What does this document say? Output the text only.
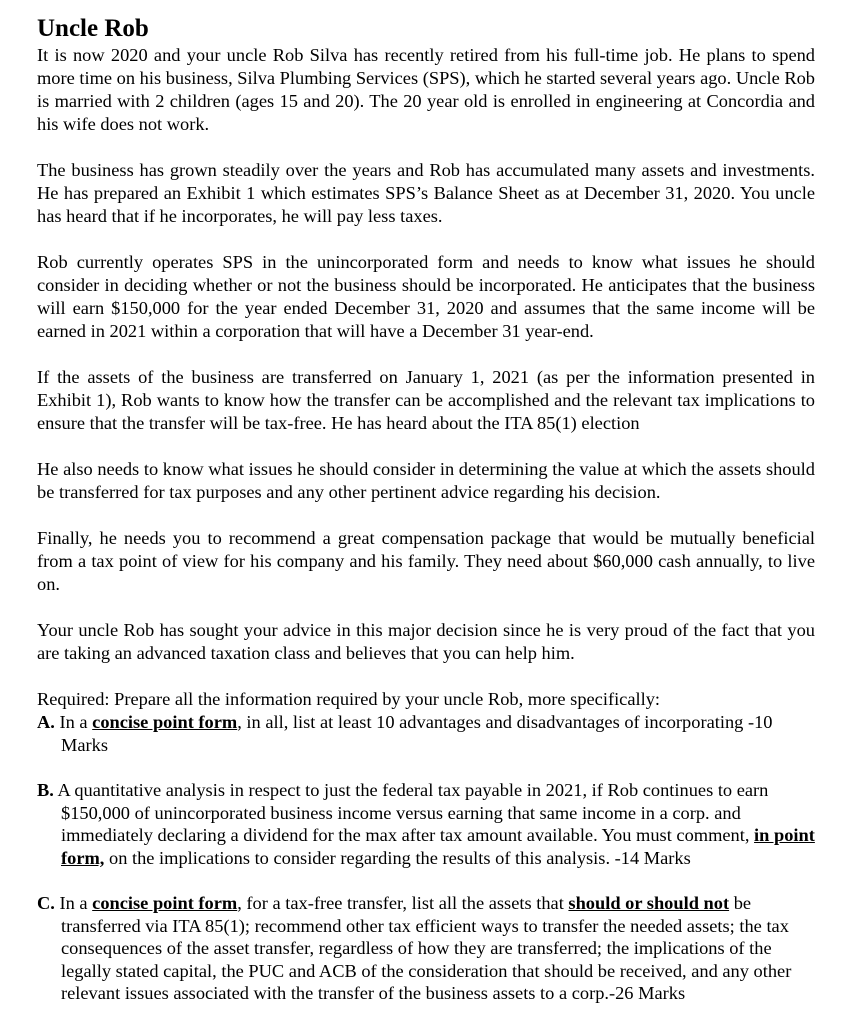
Uncle Rob

It is now 2020 and your uncle Rob Silva has recently retired from his full-time job. He plans to spend more time on his business, Silva Plumbing Services (SPS), which he started several years ago. Uncle Rob is married with 2 children (ages 15 and 20). The 20 year old is enrolled in engineering at Concordia and his wife does not work.

The business has grown steadily over the years and Rob has accumulated many assets and investments. He has prepared an Exhibit 1 which estimates SPS’s Balance Sheet as at December 31, 2020. You uncle has heard that if he incorporates, he will pay less taxes.

Rob currently operates SPS in the unincorporated form and needs to know what issues he should consider in deciding whether or not the business should be incorporated. He anticipates that the business will earn $150,000 for the year ended December 31, 2020 and assumes that the same income will be earned in 2021 within a corporation that will have a December 31 year-end.

If the assets of the business are transferred on January 1, 2021 (as per the information presented in Exhibit 1), Rob wants to know how the transfer can be accomplished and the relevant tax implications to ensure that the transfer will be tax-free. He has heard about the ITA 85(1) election

He also needs to know what issues he should consider in determining the value at which the assets should be transferred for tax purposes and any other pertinent advice regarding his decision.

Finally, he needs you to recommend a great compensation package that would be mutually beneficial from a tax point of view for his company and his family. They need about $60,000 cash annually, to live on.

Your uncle Rob has sought your advice in this major decision since he is very proud of the fact that you are taking an advanced taxation class and believes that you can help him.

Required: Prepare all the information required by your uncle Rob, more specifically:

A. In a concise point form, in all, list at least 10 advantages and disadvantages of incorporating -10 Marks

B. A quantitative analysis in respect to just the federal tax payable in 2021, if Rob continues to earn $150,000 of unincorporated business income versus earning that same income in a corp. and immediately declaring a dividend for the max after tax amount available. You must comment, in point form, on the implications to consider regarding the results of this analysis. -14 Marks

C. In a concise point form, for a tax-free transfer, list all the assets that should or should not be transferred via ITA 85(1); recommend other tax efficient ways to transfer the needed assets; the tax consequences of the asset transfer, regardless of how they are transferred; the implications of the legally stated capital, the PUC and ACB of the consideration that should be received, and any other relevant issues associated with the transfer of the business assets to a corp.-26 Marks
